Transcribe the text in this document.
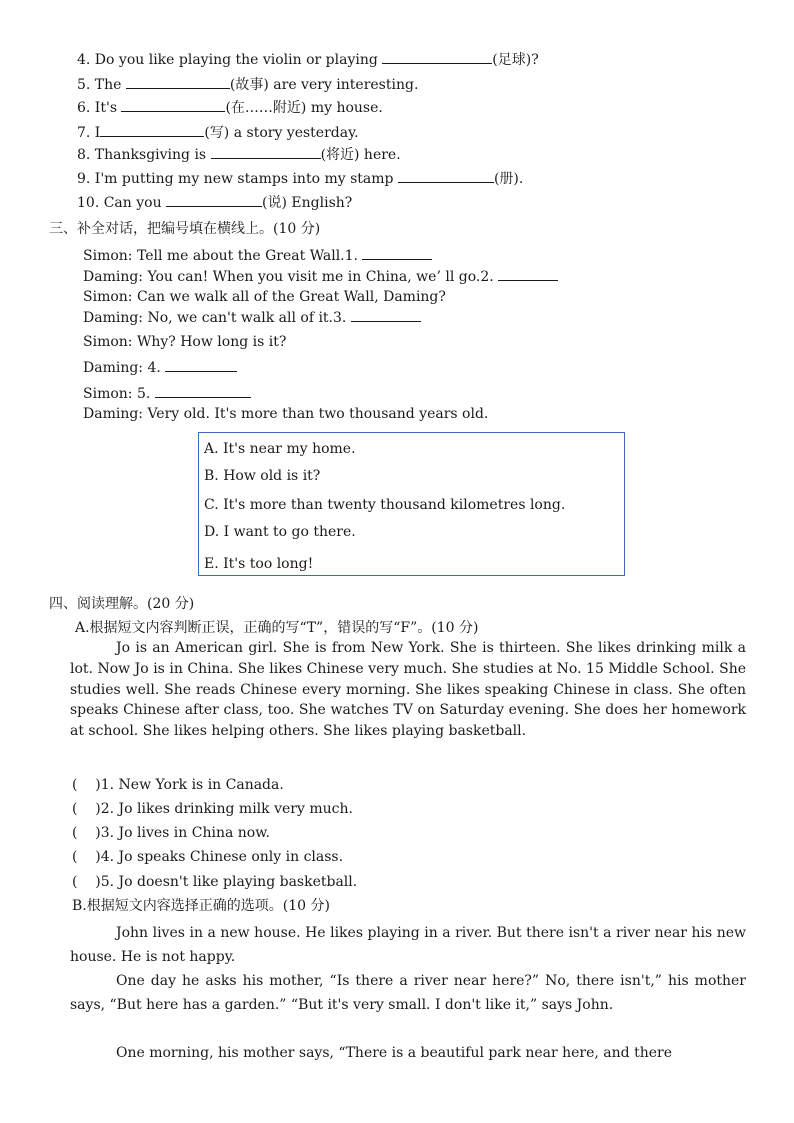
4. Do you like playing the violin or playing	(足球)?
5. The	(故事) are very interesting.
6. It's	(在……附近) my house.
7. I	(写) a story yesterday.
8. Thanksgiving is	(将近) here.
9. I'm putting my new stamps into my stamp	(册).
10. Can you	(说) English?
三、补全对话，把编号填在横线上。(10 分)
Simon: Tell me about the Great Wall.1.
Daming: You can! When you visit me in China, we’ ll go.2.
Simon: Can we walk all of the Great Wall, Daming?
Daming: No, we can't walk all of it.3.
Simon: Why? How long is it?
Daming: 4.
Simon: 5.
Daming: Very old. It's more than two thousand years old.
A. It's near my home.
B. How old is it?
C. It's more than twenty thousand kilometres long.
D. I want to go there.
E. It's too long!
四、阅读理解。(20 分)
A.根据短文内容判断正误，正确的写“T”，错误的写“F”。(10 分)
Jo is an American girl. She is from New York. She is thirteen. She likes drinking milk a lot. Now Jo is in China. She likes Chinese very much. She studies at No. 15 Middle School. She studies well. She reads Chinese every morning. She likes speaking Chinese in class. She often speaks Chinese after class, too. She watches TV on Saturday evening. She does her homework at school. She likes helping others. She likes playing basketball.
(    )1. New York is in Canada.
(    )2. Jo likes drinking milk very much.
(    )3. Jo lives in China now.
(    )4. Jo speaks Chinese only in class.
(    )5. Jo doesn't like playing basketball.
B.根据短文内容选择正确的选项。(10 分)
John lives in a new house. He likes playing in a river. But there isn't a river near his new house. He is not happy.
One day he asks his mother, “Is there a river near here?” No, there isn't,” his mother says, “But here has a garden.” “But it's very small. I don't like it,” says John.
One morning, his mother says, “There is a beautiful park near here, and there
